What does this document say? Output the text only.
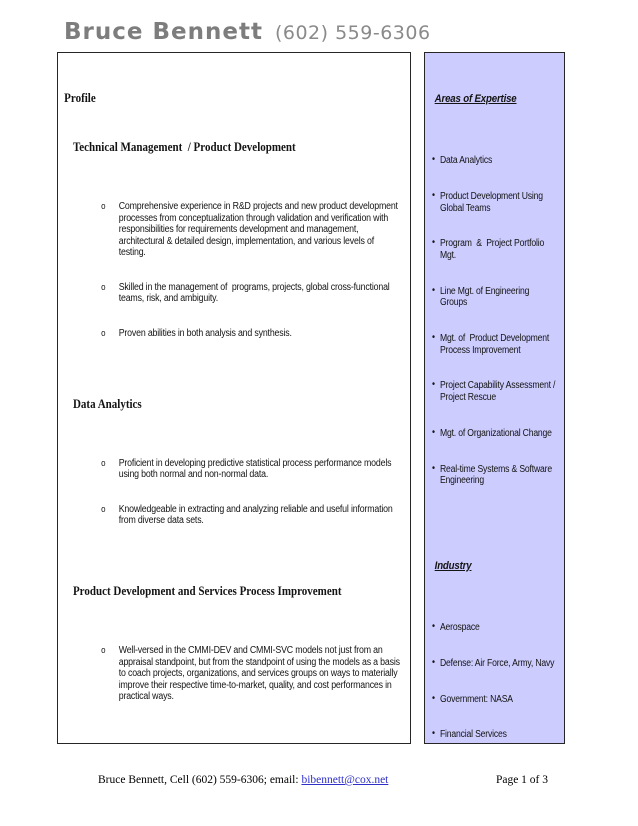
Bruce Bennett (602) 559-6306

Profile

Technical Management  / Product Development

o Comprehensive experience in R&D projects and new product development processes from conceptualization through validation and verification with responsibilities for requirements development and management, architectural & detailed design, implementation, and various levels of testing.

o Skilled in the management of  programs, projects, global cross-functional teams, risk, and ambiguity.

o Proven abilities in both analysis and synthesis.

Data Analytics

o Proficient in developing predictive statistical process performance models using both normal and non-normal data.

o Knowledgeable in extracting and analyzing reliable and useful information from diverse data sets.

Product Development and Services Process Improvement

o Well-versed in the CMMI-DEV and CMMI-SVC models not just from an appraisal standpoint, but from the standpoint of using the models as a basis to coach projects, organizations, and services groups on ways to materially improve their respective time-to-market, quality, and cost performances in practical ways.

Areas of Expertise

• Data Analytics

• Product Development Using Global Teams

• Program  &  Project Portfolio Mgt.

• Line Mgt. of Engineering Groups

• Mgt. of  Product Development Process Improvement

• Project Capability Assessment / Project Rescue

• Mgt. of Organizational Change

• Real-time Systems & Software Engineering

Industry

• Aerospace

• Defense: Air Force, Army, Navy

• Government: NASA

• Financial Services

Bruce Bennett, Cell (602) 559-6306; email: bibennett@cox.net	Page 1 of 3
